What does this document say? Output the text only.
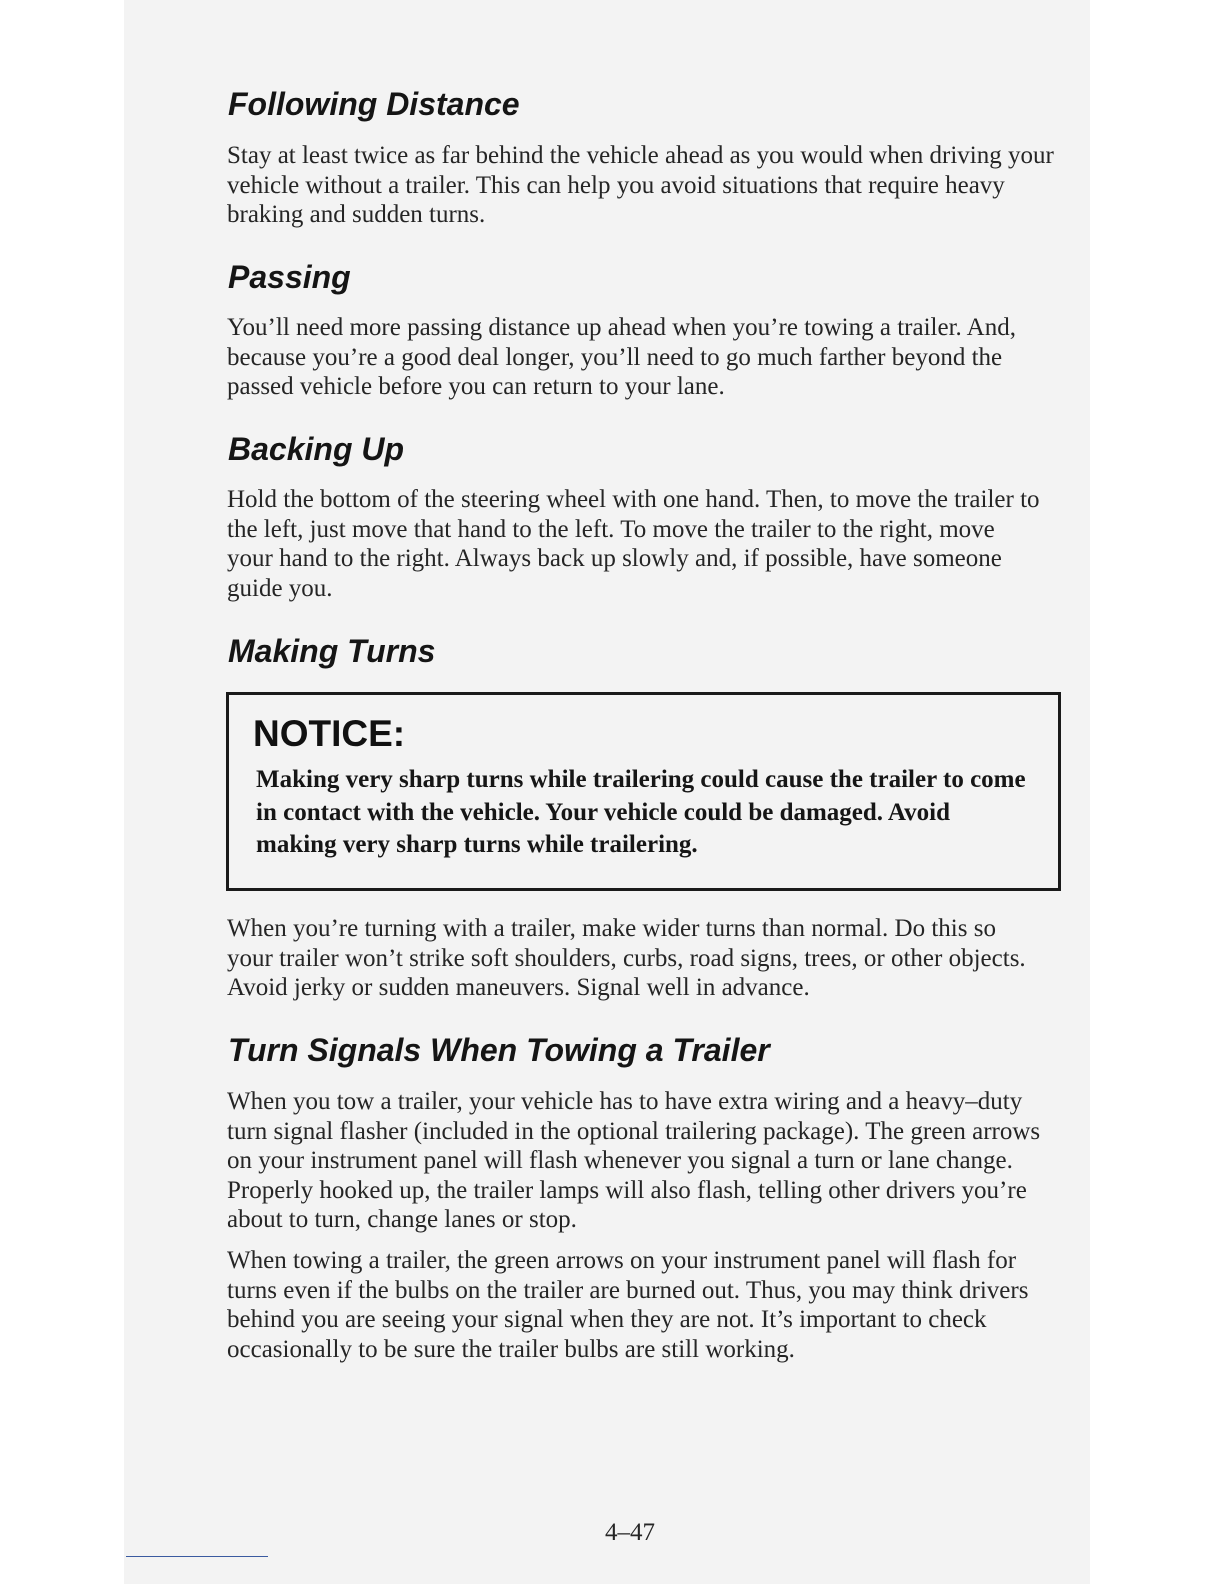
Following Distance

Stay at least twice as far behind the vehicle ahead as you would when driving your vehicle without a trailer. This can help you avoid situations that require heavy braking and sudden turns.

Passing

You’ll need more passing distance up ahead when you’re towing a trailer. And, because you’re a good deal longer, you’ll need to go much farther beyond the passed vehicle before you can return to your lane.

Backing Up

Hold the bottom of the steering wheel with one hand. Then, to move the trailer to the left, just move that hand to the left. To move the trailer to the right, move your hand to the right. Always back up slowly and, if possible, have someone guide you.

Making Turns
NOTICE:

Making very sharp turns while trailering could cause the trailer to come in contact with the vehicle. Your vehicle could be damaged. Avoid making very sharp turns while trailering.

When you’re turning with a trailer, make wider turns than normal. Do this so your trailer won’t strike soft shoulders, curbs, road signs, trees, or other objects. Avoid jerky or sudden maneuvers. Signal well in advance.

Turn Signals When Towing a Trailer

When you tow a trailer, your vehicle has to have extra wiring and a heavy–duty turn signal flasher (included in the optional trailering package). The green arrows on your instrument panel will flash whenever you signal a turn or lane change. Properly hooked up, the trailer lamps will also flash, telling other drivers you’re about to turn, change lanes or stop.

When towing a trailer, the green arrows on your instrument panel will flash for turns even if the bulbs on the trailer are burned out. Thus, you may think drivers behind you are seeing your signal when they are not. It’s important to check occasionally to be sure the trailer bulbs are still working.

4–47
